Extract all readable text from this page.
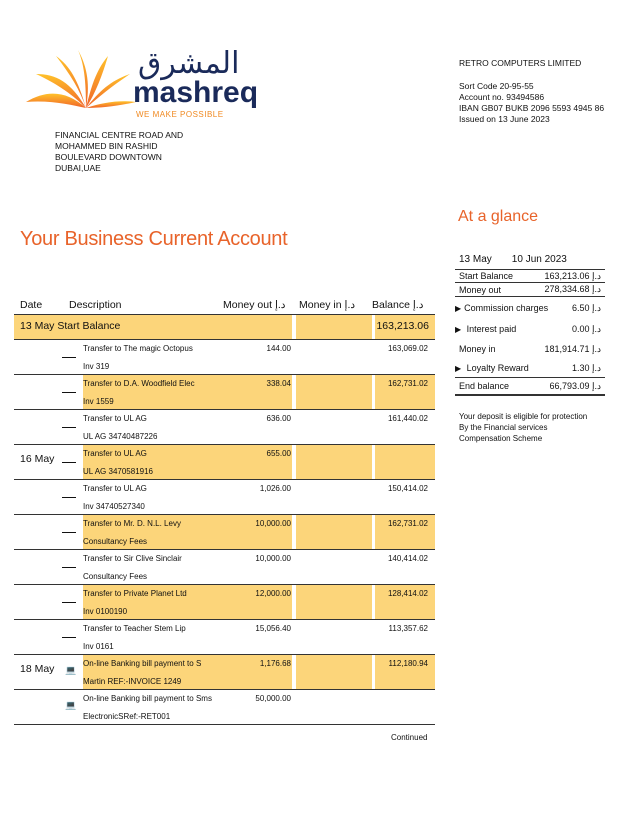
المشرق
mashreq
WE MAKE POSSIBLE
FINANCIAL CENTRE ROAD AND
MOHAMMED BIN RASHID
BOULEVARD DOWNTOWN
DUBAI,UAE
RETRO COMPUTERS LIMITED
Sort Code 20-95-55
Account no. 93494586
IBAN GB07 BUKB 2096 5593 4945 86
Issued on 13 June 2023
At a glance
Your Business Current Account
13 May 10 Jun 2023
Start Balance	د.إ 163,213.06
Money out	د.إ 278,334.68
▶ Commission charges	د.إ 6.50
▶ Interest paid	د.إ 0.00
Money in	د.إ 181,914.71
▶ Loyalty Reward	د.إ 1.30
End balance	د.إ 66,793.09
Your deposit is eligible for protection
By the Financial services
Compensation Scheme
Date	Description	Money out د.إ Money in د.إ Balance د.إ
13 May Start Balance	163,213.06
Transfer to The magic Octopus
Inv 319
144.00	163,069.02
Transfer to D.A. Woodfield Elec
Inv 1559
338.04	162,731.02
Transfer to UL AG
UL AG 34740487226
636.00	161,440.02
16 May	Transfer to UL AG
UL AG 3470581916
655.00
Transfer to UL AG
Inv 34740527340
1,026.00	150,414.02
Transfer to Mr. D. N.L. Levy
Consultancy Fees
10,000.00	162,731.02
Transfer to Sir Clive Sinclair
Consultancy Fees
10,000.00	140,414.02
Transfer to Private Planet Ltd
Inv 0100190
12,000.00	128,414.02
Transfer to Teacher Stem Lip
Inv 0161
15,056.40	113,357.62
18 May 💻
On-line Banking bill payment to S
Martin REF:-INVOICE 1249
1,176.68	112,180.94
💻
On-line Banking bill payment to Sms
ElectronicSRef:-RET001
50,000.00
Continued
